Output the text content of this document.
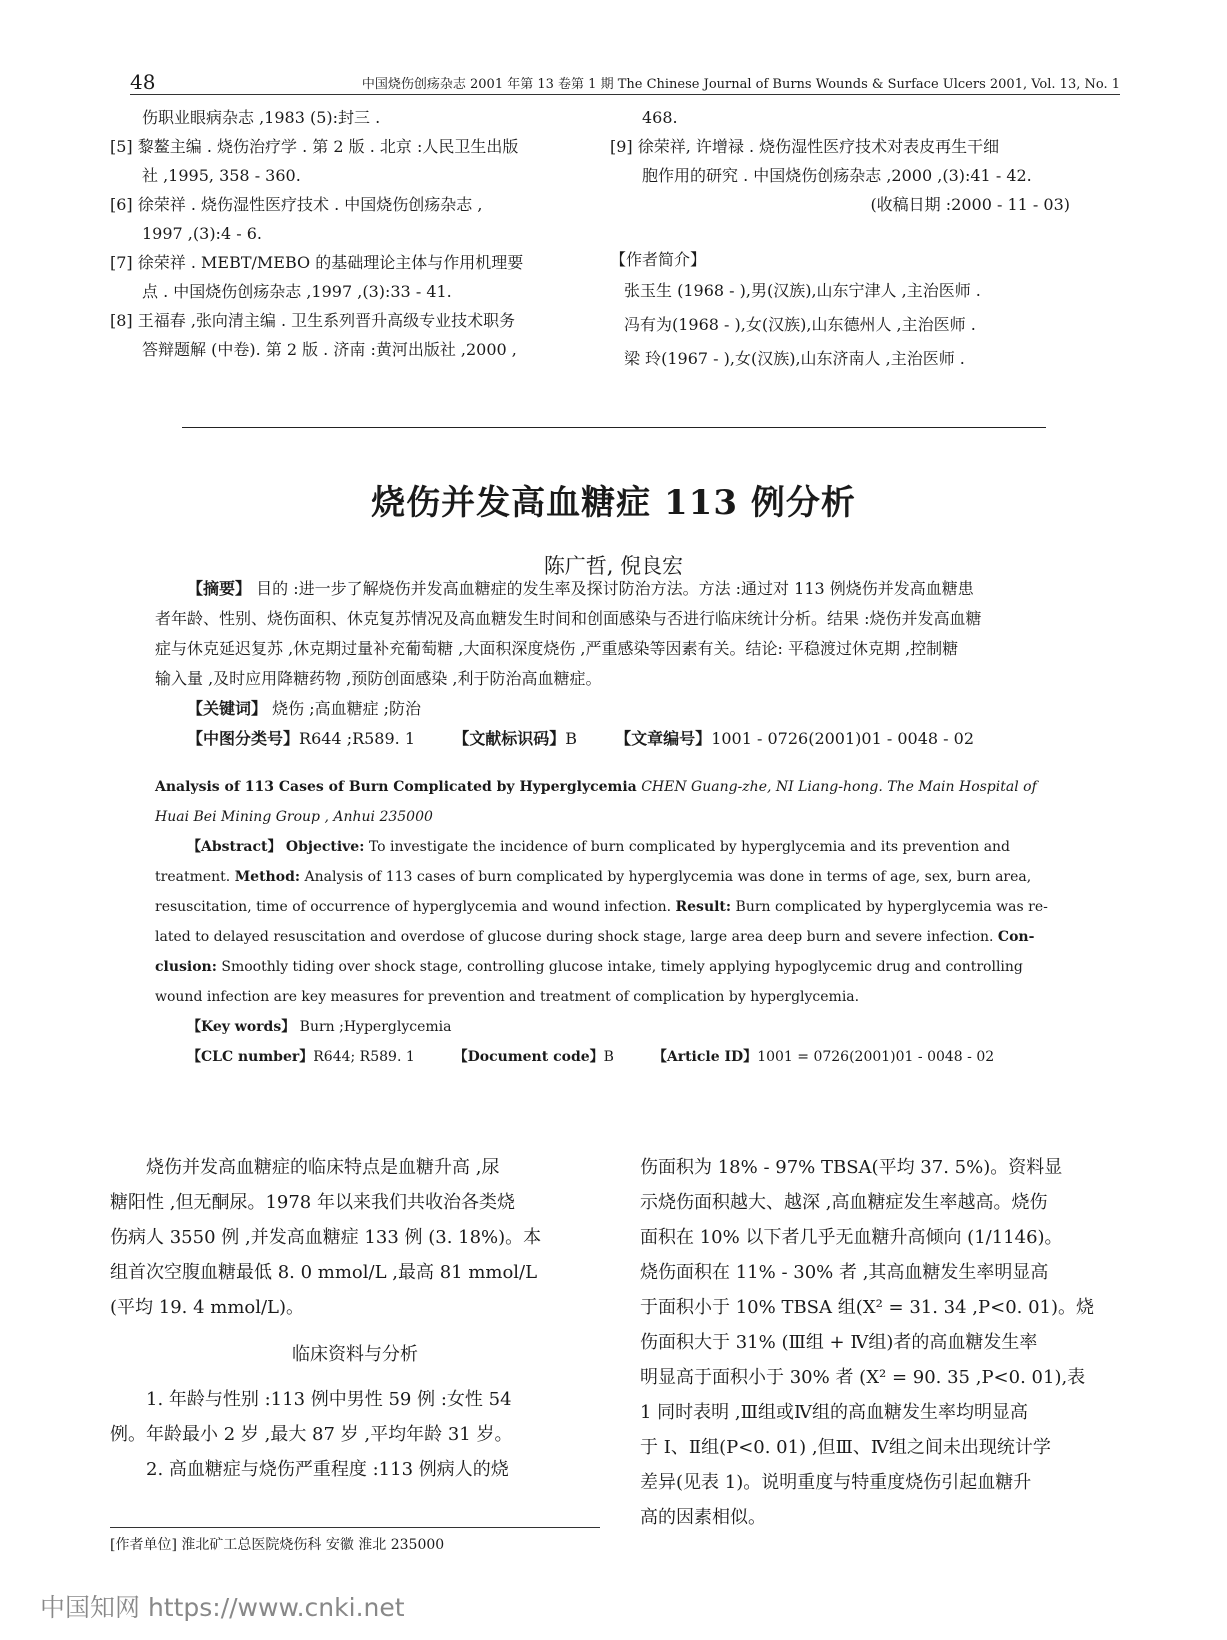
48	中国烧伤创疡杂志 2001 年第 13 卷第 1 期 The Chinese Journal of Burns Wounds & Surface Ulcers 2001, Vol. 13, No. 1
伤职业眼病杂志 ,1983 (5):封三 .
[5] 黎鳌主编 . 烧伤治疗学 . 第 2 版 . 北京 :人民卫生出版
社 ,1995, 358 - 360.
[6] 徐荣祥 . 烧伤湿性医疗技术 . 中国烧伤创疡杂志 ,
1997 ,(3):4 - 6.
[7] 徐荣祥 . MEBT/MEBO 的基础理论主体与作用机理要
点 . 中国烧伤创疡杂志 ,1997 ,(3):33 - 41.
[8] 王福春 ,张向清主编 . 卫生系列晋升高级专业技术职务
答辩题解 (中卷). 第 2 版 . 济南 :黄河出版社 ,2000 ,
468.
[9] 徐荣祥, 许增禄 . 烧伤湿性医疗技术对表皮再生干细
胞作用的研究 . 中国烧伤创疡杂志 ,2000 ,(3):41 - 42.
(收稿日期 :2000 - 11 - 03)
【作者简介】
张玉生 (1968 - ),男(汉族),山东宁津人 ,主治医师 .
冯有为(1968 - ),女(汉族),山东德州人 ,主治医师 .
梁 玲(1967 - ),女(汉族),山东济南人 ,主治医师 .
烧伤并发高血糖症 113 例分析
陈广哲, 倪良宏
【摘要】 目的 :进一步了解烧伤并发高血糖症的发生率及探讨防治方法。方法 :通过对 113 例烧伤并发高血糖患
者年龄、性别、烧伤面积、休克复苏情况及高血糖发生时间和创面感染与否进行临床统计分析。结果 :烧伤并发高血糖
症与休克延迟复苏 ,休克期过量补充葡萄糖 ,大面积深度烧伤 ,严重感染等因素有关。结论: 平稳渡过休克期 ,控制糖
输入量 ,及时应用降糖药物 ,预防创面感染 ,利于防治高血糖症。
【关键词】 烧伤 ;高血糖症 ;防治
【中图分类号】R644 ;R589. 1 【文献标识码】B 【文章编号】1001 - 0726(2001)01 - 0048 - 02
Analysis of 113 Cases of Burn Complicated by Hyperglycemia CHEN Guang-zhe, NI Liang-hong. The Main Hospital of
Huai Bei Mining Group , Anhui 235000
【Abstract】 Objective: To investigate the incidence of burn complicated by hyperglycemia and its prevention and
treatment. Method: Analysis of 113 cases of burn complicated by hyperglycemia was done in terms of age, sex, burn area,
resuscitation, time of occurrence of hyperglycemia and wound infection. Result: Burn complicated by hyperglycemia was re-
lated to delayed resuscitation and overdose of glucose during shock stage, large area deep burn and severe infection. Con-
clusion: Smoothly tiding over shock stage, controlling glucose intake, timely applying hypoglycemic drug and controlling
wound infection are key measures for prevention and treatment of complication by hyperglycemia.
【Key words】 Burn ;Hyperglycemia
【CLC number】R644; R589. 1	【Document code】B	【Article ID】1001 = 0726(2001)01 - 0048 - 02
烧伤并发高血糖症的临床特点是血糖升高 ,尿
糖阳性 ,但无酮尿。1978 年以来我们共收治各类烧
伤病人 3550 例 ,并发高血糖症 133 例 (3. 18%)。本
组首次空腹血糖最低 8. 0 mmol/L ,最高 81 mmol/L
(平均 19. 4 mmol/L)。
临床资料与分析
1. 年龄与性别 :113 例中男性 59 例 :女性 54
例。年龄最小 2 岁 ,最大 87 岁 ,平均年龄 31 岁。
2. 高血糖症与烧伤严重程度 :113 例病人的烧
[作者单位] 淮北矿工总医院烧伤科 安徽 淮北 235000
伤面积为 18% - 97% TBSA(平均 37. 5%)。资料显
示烧伤面积越大、越深 ,高血糖症发生率越高。烧伤
面积在 10% 以下者几乎无血糖升高倾向 (1/1146)。
烧伤面积在 11% - 30% 者 ,其高血糖发生率明显高
于面积小于 10% TBSA 组(X² = 31. 34 ,P<0. 01)。烧
伤面积大于 31% (Ⅲ组 + Ⅳ组)者的高血糖发生率
明显高于面积小于 30% 者 (X² = 90. 35 ,P<0. 01),表
1 同时表明 ,Ⅲ组或Ⅳ组的高血糖发生率均明显高
于 Ⅰ、Ⅱ组(P<0. 01) ,但Ⅲ、Ⅳ组之间未出现统计学
差异(见表 1)。说明重度与特重度烧伤引起血糖升
高的因素相似。
中国知网 https://www.cnki.net
